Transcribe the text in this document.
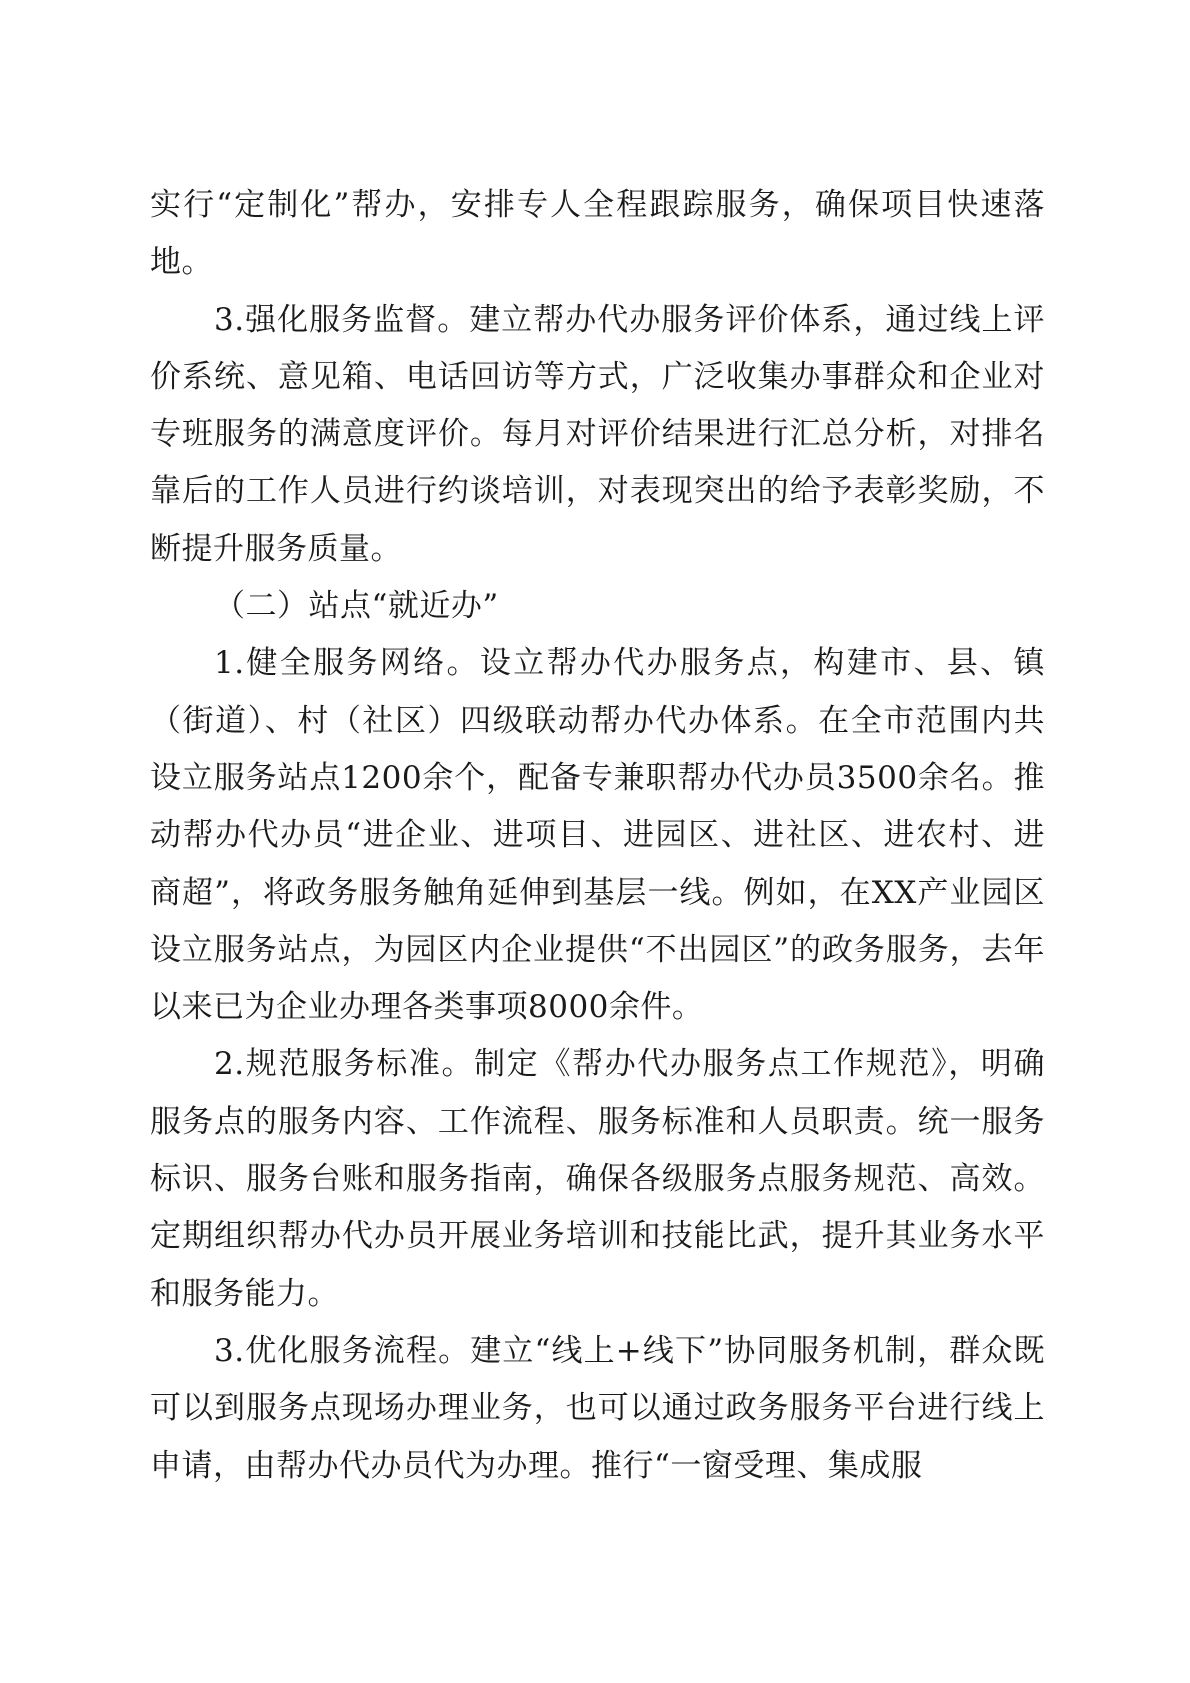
实行“定制化”帮办，安排专人全程跟踪服务，确保项目快速落地。

3.强化服务监督。建立帮办代办服务评价体系，通过线上评价系统、意见箱、电话回访等方式，广泛收集办事群众和企业对专班服务的满意度评价。每月对评价结果进行汇总分析，对排名靠后的工作人员进行约谈培训，对表现突出的给予表彰奖励，不断提升服务质量。

（二）站点“就近办”

1.健全服务网络。设立帮办代办服务点，构建市、县、镇（街道）、村（社区）四级联动帮办代办体系。在全市范围内共设立服务站点1200余个，配备专兼职帮办代办员3500余名。推动帮办代办员“进企业、进项目、进园区、进社区、进农村、进商超”，将政务服务触角延伸到基层一线。例如，在XX产业园区设立服务站点，为园区内企业提供“不出园区”的政务服务，去年以来已为企业办理各类事项8000余件。

2.规范服务标准。制定《帮办代办服务点工作规范》，明确服务点的服务内容、工作流程、服务标准和人员职责。统一服务标识、服务台账和服务指南，确保各级服务点服务规范、高效。定期组织帮办代办员开展业务培训和技能比武，提升其业务水平和服务能力。

3.优化服务流程。建立“线上+线下”协同服务机制，群众既可以到服务点现场办理业务，也可以通过政务服务平台进行线上申请，由帮办代办员代为办理。推行“一窗受理、集成服
